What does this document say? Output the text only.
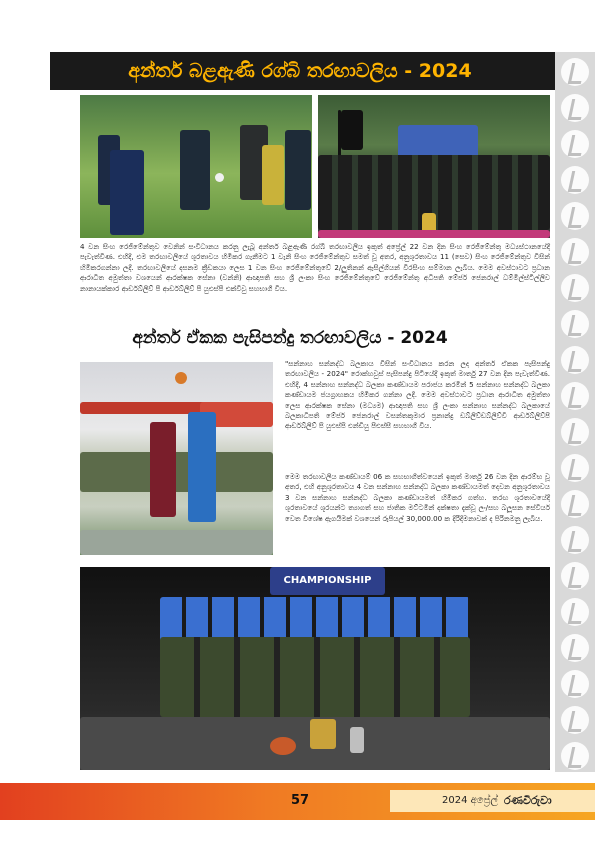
අන්තර් බළඇණි රග්බි තරඟාවලිය - 2024
4 වන සිංහ රෙජිමේන්තුව වෙනින් සංවිධානය කරනු ලැබූ අන්තර් බළඇණි රග්බි තරඟාවලිය ඉකුත් අප්‍රේල් 22 වන දින සිංහ රෙජිමේන්තු මධ්‍යස්ථානයේදී පැවැත්විණ. එහිදී, එම තරඟාවලියේ ශූරතාවය හිමිකර ගැනීමට 1 වැනි සිංහ රෙජිමේන්තුව සමත් වූ අතර, අනුශූරතාවය 11 (සෙව) සිංහ රෙජිමේන්තුව විසින් හිමිකරගන්නා ලදී. තරඟාවලියේ දසනම ක්‍රීඩකයා ලෙස 1 වන සිංහ රෙජිමේන්තුවේ 2/ලුතිනන් ඇසිල්ගියන් විරසිංහ සම්මාන ලැබීය. මෙම අවස්ථාවට ප්‍රධාන ආරාධිත අමුත්තා වශයෙන් ආරක්ෂක සේනා (වන්නි) ආඥාපති සහ ශ්‍රී ලංකා සිංහ රෙජිමේන්තුවේ රෙජිමේන්තු අධිපති මේජර් ජෙනරාල් ධම්මිල්ස්ටිල්ලිව නානායක්කාර ආර්ඩබ්ලිව් පී ආර්ඩබ්ලිව් පී යුඑස්පී එක්විවු සහභාගී විය.
අන්තර් ඒකක පැසිපන්දු තරඟාවලිය - 2024
"සන්නාහ සන්නද්ධ බලකාය විසින් සංවිධානය කරන ලද අන්තර් ඒකක පැසිපන්දු තරඟාවලිය - 2024" රොක්හවුස් පැසිපන්දු පිටියේදී ඉකුත් මාර්තු 27 වන දින පැවැත්විණ. එහිදී, 4 සන්නාහ සන්නද්ධ බලකා කණ්ඩායම පරාජය කරමින් 5 සන්නාහ සන්නද්ධ බලකා කණ්ඩායම ජයග්‍රාහකය හිමිකර ගන්නා ලදී. මෙම අවස්ථාවට ප්‍රධාන ආරාධිත අමුත්තා ලෙස ආරක්ෂක සේනා (මධ්‍යම) ආඥාපති සහ ශ්‍රී ලංකා සන්නාහ සන්නද්ධ බලකායේ බලකාධිපති මේජර් ජෙනරාල් වසන්තකුමාර ප්‍රනාන්දු ඩබ්ලිව්ඩබ්ලිව්වී ආර්ඩබ්ලිව්පී ආර්ඩබ්ලිව් පී යුඑස්පී එන්ඩියු පීඑස්සී සහභාගී විය.
මෙම තරඟාවලිය කණ්ඩායම් 06 ක සහභාගීත්වයෙන් ඉකුත් මාර්තු 26 වන දින ආරම්භ වූ අතර, එහි අනුශූරතාවය 4 වන සන්නාහ සන්නද්ධ බලකා කණ්ඩායමත් දෙවන අනුශූරතාවය 3 වන සන්නාහ සන්නද්ධ බලකා කණ්ඩායමත් හිමිකර ගත්හ. තරඟ ශූරතාවයේදී ශූරතාවයේ ශූරයන්ට ත්‍යාගත් සහ ජාතික මට්ටමින් දක්ෂතා දැක්වූ ලං/සහ බලූසන සේවියර් වෙත විශේෂ ඇගයීමක් වශයෙන් රුපියල් 30,000.00 ක දිරිදීමනාවක් ද පිරිනමනු ලැබීය.
CHAMPIONSHIP
57	2024 අප්‍රේල් රණවිරුවා
